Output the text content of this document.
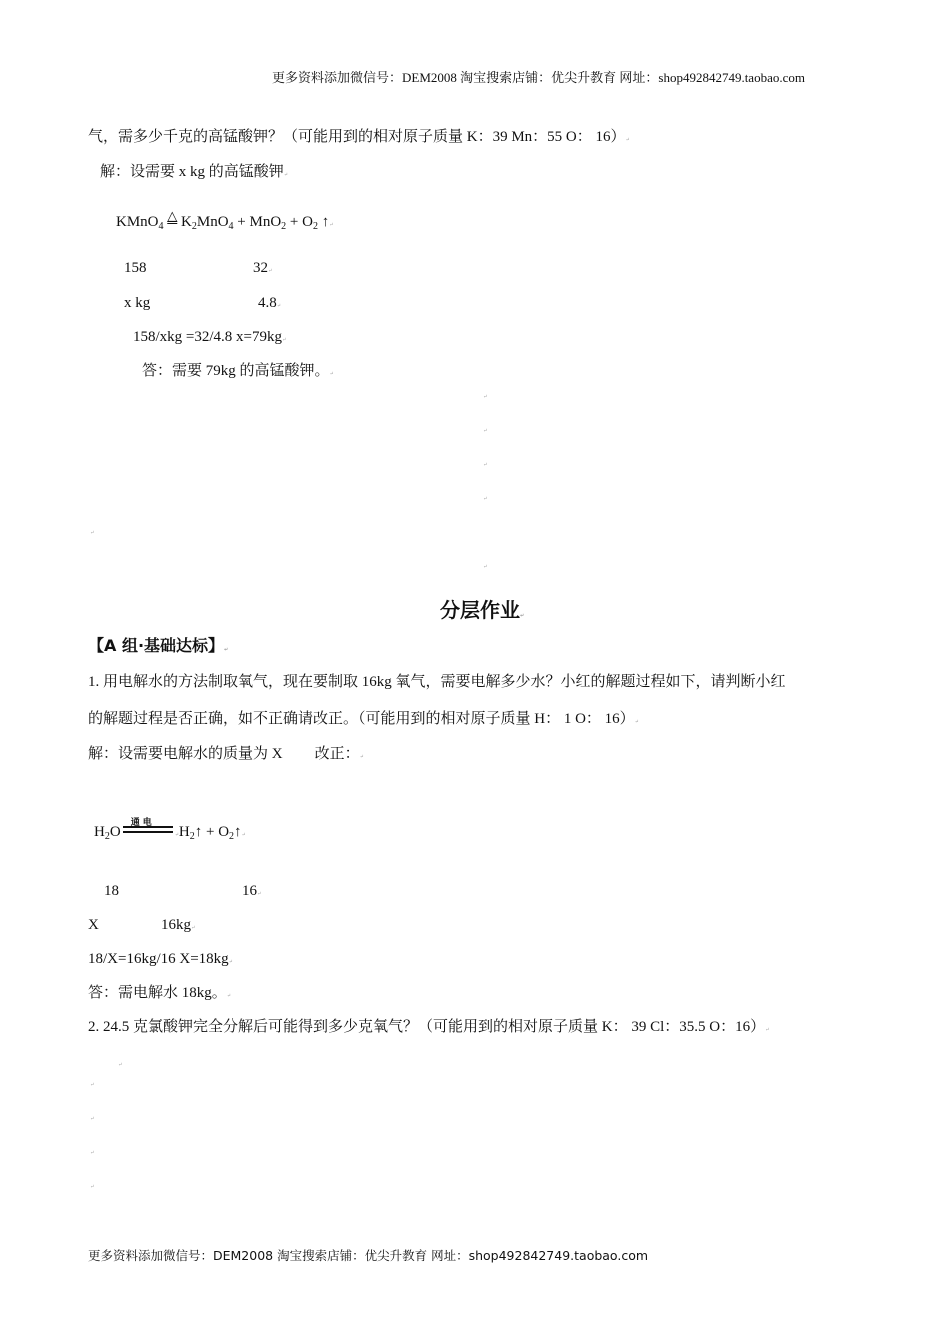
更多资料添加微信号：DEM2008 淘宝搜索店铺：优尖升教育 网址：shop492842749.taobao.com
气，需多少千克的高锰酸钾？（可能用到的相对原子质量 K：39 Mn：55 O： 16）↵
解：设需要 x kg 的高锰酸钾↵
KMnO$_4$ △ $K_2MnO_4 + MnO_2 + O_2$ ↑↵
158	32↵
x kg	4.8↵
158/xkg =32/4.8 x=79kg↵
答：需要 79kg 的高锰酸钾。↵
↵
↵
↵
↵
↵
↵
分层作业↵
【A 组·基础达标】↵
1. 用电解水的方法制取氧气，现在要制取 16kg 氧气，需要电解多少水？小红的解题过程如下，请判断小红
的解题过程是否正确，如不正确请改正。（可能用到的相对原子质量 H： 1 O： 16）↵
解：设需要电解水的质量为 X 改正：↵
$H_2O$
通电
$↵H_2↑$ + $O_2↑↵$
18	16↵
X	16kg↵
18/X=16kg/16 X=18kg↵
答：需电解水 18kg。↵
2. 24.5 克氯酸钾完全分解后可能得到多少克氧气？（可能用到的相对原子质量 K： 39 Cl：35.5 O：16）↵
↵
↵
↵
↵
↵
更多资料添加微信号：DEM2008 淘宝搜索店铺：优尖升教育 网址：shop492842749.taobao.com
